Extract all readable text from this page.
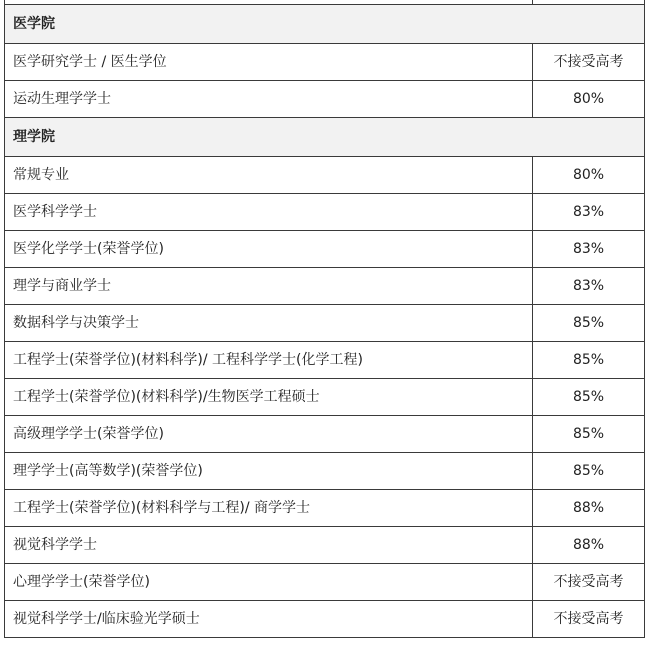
医学院	
医学研究学士 / 医生学位	不接受高考
运动生理学学士	80%
理学院	
常规专业	80%
医学科学学士	83%
医学化学学士(荣誉学位)	83%
理学与商业学士	83%
数据科学与决策学士	85%
工程学士(荣誉学位)(材料科学)/ 工程科学学士(化学工程)	85%
工程学士(荣誉学位)(材料科学)/生物医学工程硕士	85%
高级理学学士(荣誉学位)	85%
理学学士(高等数学)(荣誉学位)	85%
工程学士(荣誉学位)(材料科学与工程)/ 商学学士	88%
视觉科学学士	88%
心理学学士(荣誉学位)	不接受高考
视觉科学学士/临床验光学硕士	不接受高考
